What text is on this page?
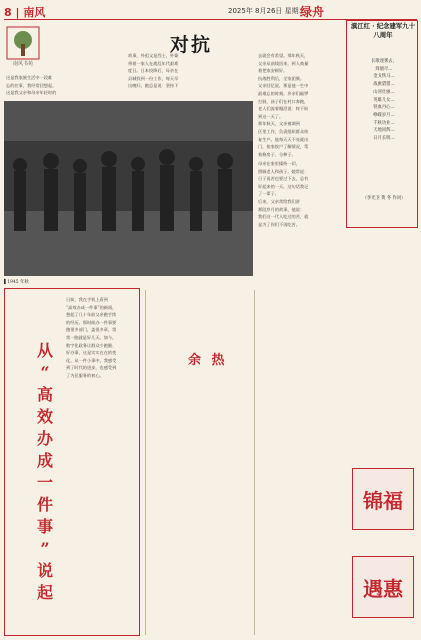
8 | 南风	2025年 8月26日 星期二
绿舟
南风书苑
对抗
这是我家族生活中一段难
忘的往事，我经常回想起。
这是我父亲和母亲年轻时的
故事，外祖父是烈士，外婆
带着一家人在战乱年代艰难
度日。日本投降后，母亲在
县城找到一份工作，每天早
出晚归，她总是说：坚持下
去就会有希望。那年秋天，
父亲从前线回来，两人商量
着把家安顿好。
抗战胜利后，全家团聚。
父亲回忆说，那是他一生中
最难忘的时刻。乡亲们敲锣
打鼓，孩子们在村口奔跑，
老人们流着眼泪说：终于盼
到这一天了。
那年秋天，父亲被调到
区里工作，负责组织群众恢
复生产。他每天天不亮就出
门，挨家挨户了解情况，帮
着修房子、分种子。
▌1945 年秋
母亲在家里操持一切，
照顾老人和孩子。她常说：
日子再苦也要过下去，总有
好起来的一天。这句话我记
了一辈子。
后来，父亲常给我们讲
那段岁月的故事，他说：
我们这一代人吃过的苦，就
是为了你们不再吃苦。
滇江红 · 纪念建军九十八周年
长歌逐雾去，
烽烟尽…
金戈铁马…
战旗猎猎…
山河壮丽…
英雄儿女…
铁血丹心…
峥嵘岁月…
千秋功业…
天地同辉…
日月长明…
（李光卫 黄 冬 作词）
从
“
高
效
办
成
一
件
事
”
说
起
日前，我在手机上看到
“高效办成一件事”的新闻，
想起了几十年前父亲跑手续
的经历。那时候办一件事要
跑很多部门，盖很多章，常
常一跑就是好几天。如今，
数字化政务让群众少跑腿、
好办事，这是实实在在的变
化。从一件小事中，我感受
到了时代的进步，也感受到
了为民服务的初心。
余 热
锦福
遇惠
